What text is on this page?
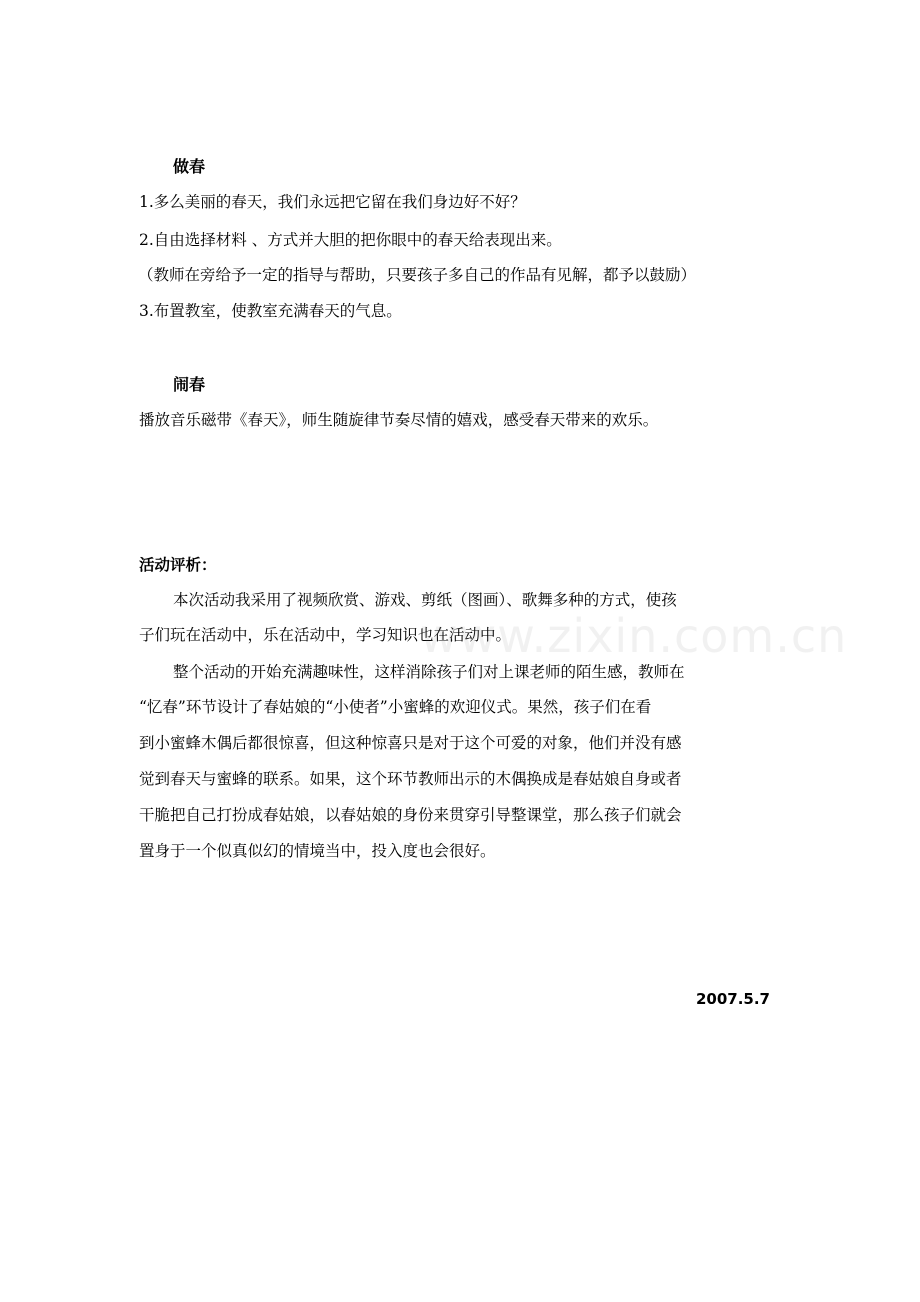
做春

1.多么美丽的春天，我们永远把它留在我们身边好不好？

2.自由选择材料 、方式并大胆的把你眼中的春天给表现出来。

（教师在旁给予一定的指导与帮助，只要孩子多自己的作品有见解，都予以鼓励）

3.布置教室，使教室充满春天的气息。

闹春

播放音乐磁带《春天》，师生随旋律节奏尽情的嬉戏，感受春天带来的欢乐。

活动评析：

本次活动我采用了视频欣赏、游戏、剪纸（图画）、歌舞多种的方式，使孩

子们玩在活动中，乐在活动中，学习知识也在活动中。

整个活动的开始充满趣味性，这样消除孩子们对上课老师的陌生感，教师在

“忆春”环节设计了春姑娘的“小使者”小蜜蜂的欢迎仪式。果然，孩子们在看

到小蜜蜂木偶后都很惊喜，但这种惊喜只是对于这个可爱的对象，他们并没有感

觉到春天与蜜蜂的联系。如果，这个环节教师出示的木偶换成是春姑娘自身或者

干脆把自己打扮成春姑娘，以春姑娘的身份来贯穿引导整课堂，那么孩子们就会

置身于一个似真似幻的情境当中，投入度也会很好。

2007.5.7

www.zixin.com.cn
